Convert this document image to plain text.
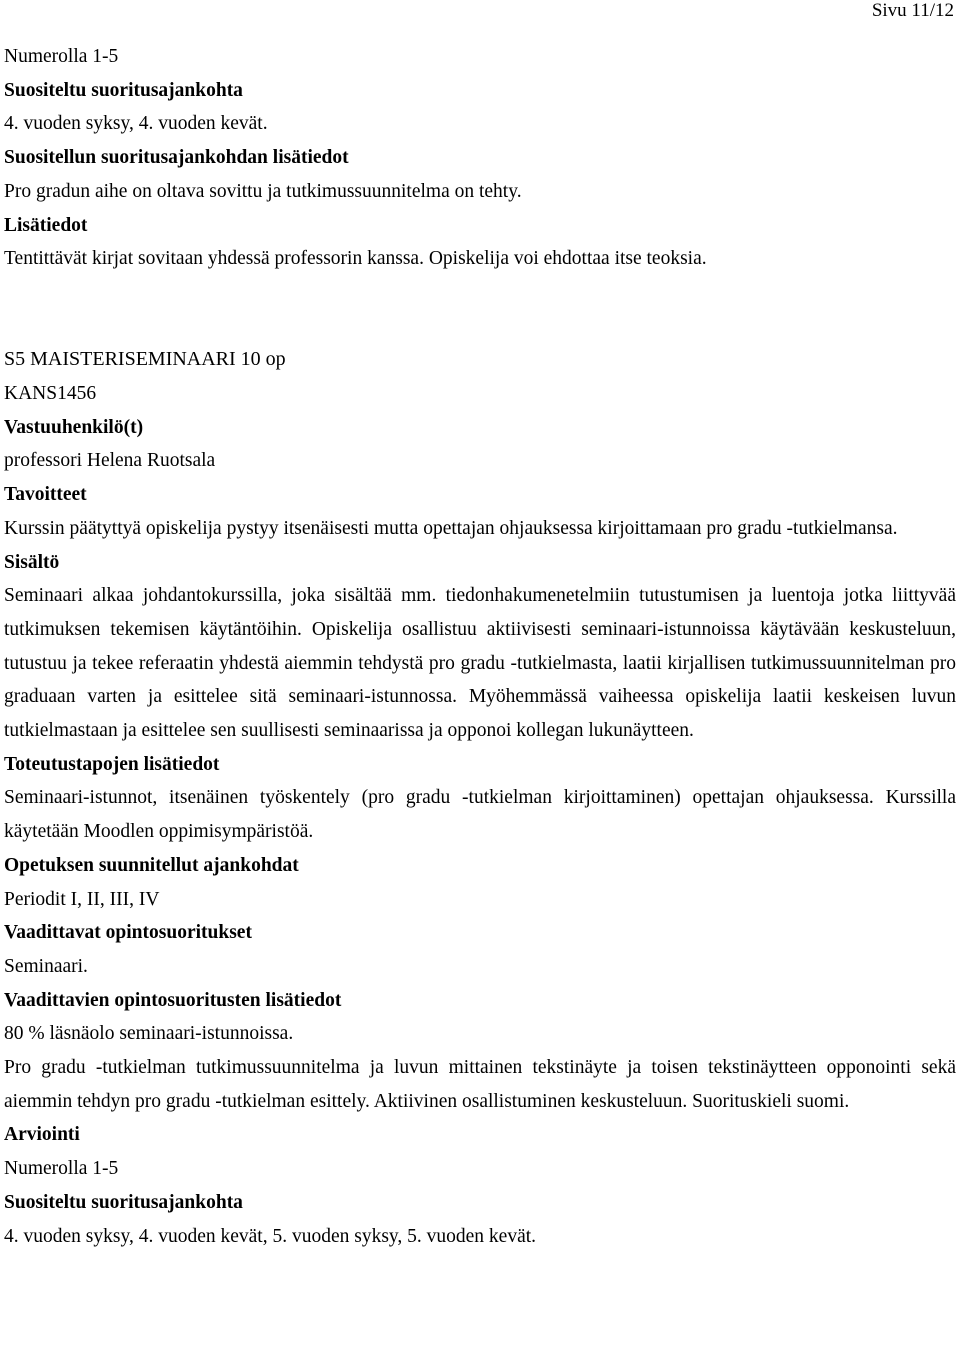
Sivu 11/12

Numerolla 1-5

Suositeltu suoritusajankohta

4. vuoden syksy, 4. vuoden kevät.

Suositellun suoritusajankohdan lisätiedot

Pro gradun aihe on oltava sovittu ja tutkimussuunnitelma on tehty.

Lisätiedot

Tentittävät kirjat sovitaan yhdessä professorin kanssa. Opiskelija voi ehdottaa itse teoksia.

S5 MAISTERISEMINAARI 10 op

KANS1456

Vastuuhenkilö(t)

professori Helena Ruotsala

Tavoitteet

Kurssin päätyttyä opiskelija pystyy itsenäisesti mutta opettajan ohjauksessa kirjoittamaan pro gradu -tutkielmansa.

Sisältö

Seminaari alkaa johdantokurssilla, joka sisältää mm. tiedonhakumenetelmiin tutustumisen ja luentoja jotka liittyvää tutkimuksen tekemisen käytäntöihin. Opiskelija osallistuu aktiivisesti seminaari-istunnoissa käytävään keskusteluun, tutustuu ja tekee referaatin yhdestä aiemmin tehdystä pro gradu -tutkielmasta, laatii kirjallisen tutkimussuunnitelman pro graduaan varten ja esittelee sitä seminaari-istunnossa. Myöhemmässä vaiheessa opiskelija laatii keskeisen luvun tutkielmastaan ja esittelee sen suullisesti seminaarissa ja opponoi kollegan lukunäytteen.

Toteutustapojen lisätiedot

Seminaari-istunnot, itsenäinen työskentely (pro gradu -tutkielman kirjoittaminen) opettajan ohjauksessa. Kurssilla käytetään Moodlen oppimisympäristöä.

Opetuksen suunnitellut ajankohdat

Periodit I, II, III, IV

Vaadittavat opintosuoritukset

Seminaari.

Vaadittavien opintosuoritusten lisätiedot

80 % läsnäolo seminaari-istunnoissa.

Pro gradu -tutkielman tutkimussuunnitelma ja luvun mittainen tekstinäyte ja toisen tekstinäytteen opponointi sekä aiemmin tehdyn pro gradu -tutkielman esittely. Aktiivinen osallistuminen keskusteluun. Suorituskieli suomi.

Arviointi

Numerolla 1-5

Suositeltu suoritusajankohta

4. vuoden syksy, 4. vuoden kevät, 5. vuoden syksy, 5. vuoden kevät.
